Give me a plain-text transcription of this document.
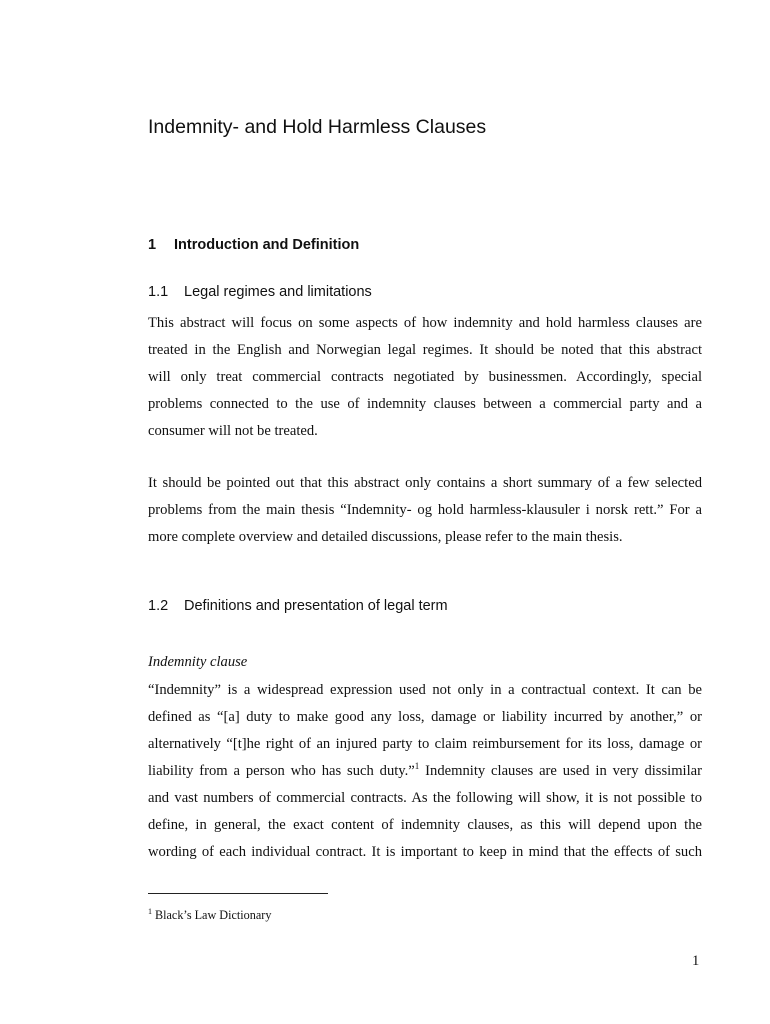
Indemnity- and Hold Harmless Clauses
1 Introduction and Definition
1.1 Legal regimes and limitations
This abstract will focus on some aspects of how indemnity and hold harmless clauses are
treated in the English and Norwegian legal regimes. It should be noted that this abstract
will only treat commercial contracts negotiated by businessmen. Accordingly, special
problems connected to the use of indemnity clauses between a commercial party and a
consumer will not be treated.
It should be pointed out that this abstract only contains a short summary of a few selected
problems from the main thesis “Indemnity- og hold harmless-klausuler i norsk rett.” For a
more complete overview and detailed discussions, please refer to the main thesis.
1.2 Definitions and presentation of legal term

Indemnity clause

“Indemnity” is a widespread expression used not only in a contractual context. It can be
defined as “[a] duty to make good any loss, damage or liability incurred by another,” or
alternatively “[t]he right of an injured party to claim reimbursement for its loss, damage or
liability from a person who has such duty.”$^1$ Indemnity clauses are used in very dissimilar
and vast numbers of commercial contracts. As the following will show, it is not possible to
define, in general, the exact content of indemnity clauses, as this will depend upon the
wording of each individual contract. It is important to keep in mind that the effects of such

$^1$ Black’s Law Dictionary

1
